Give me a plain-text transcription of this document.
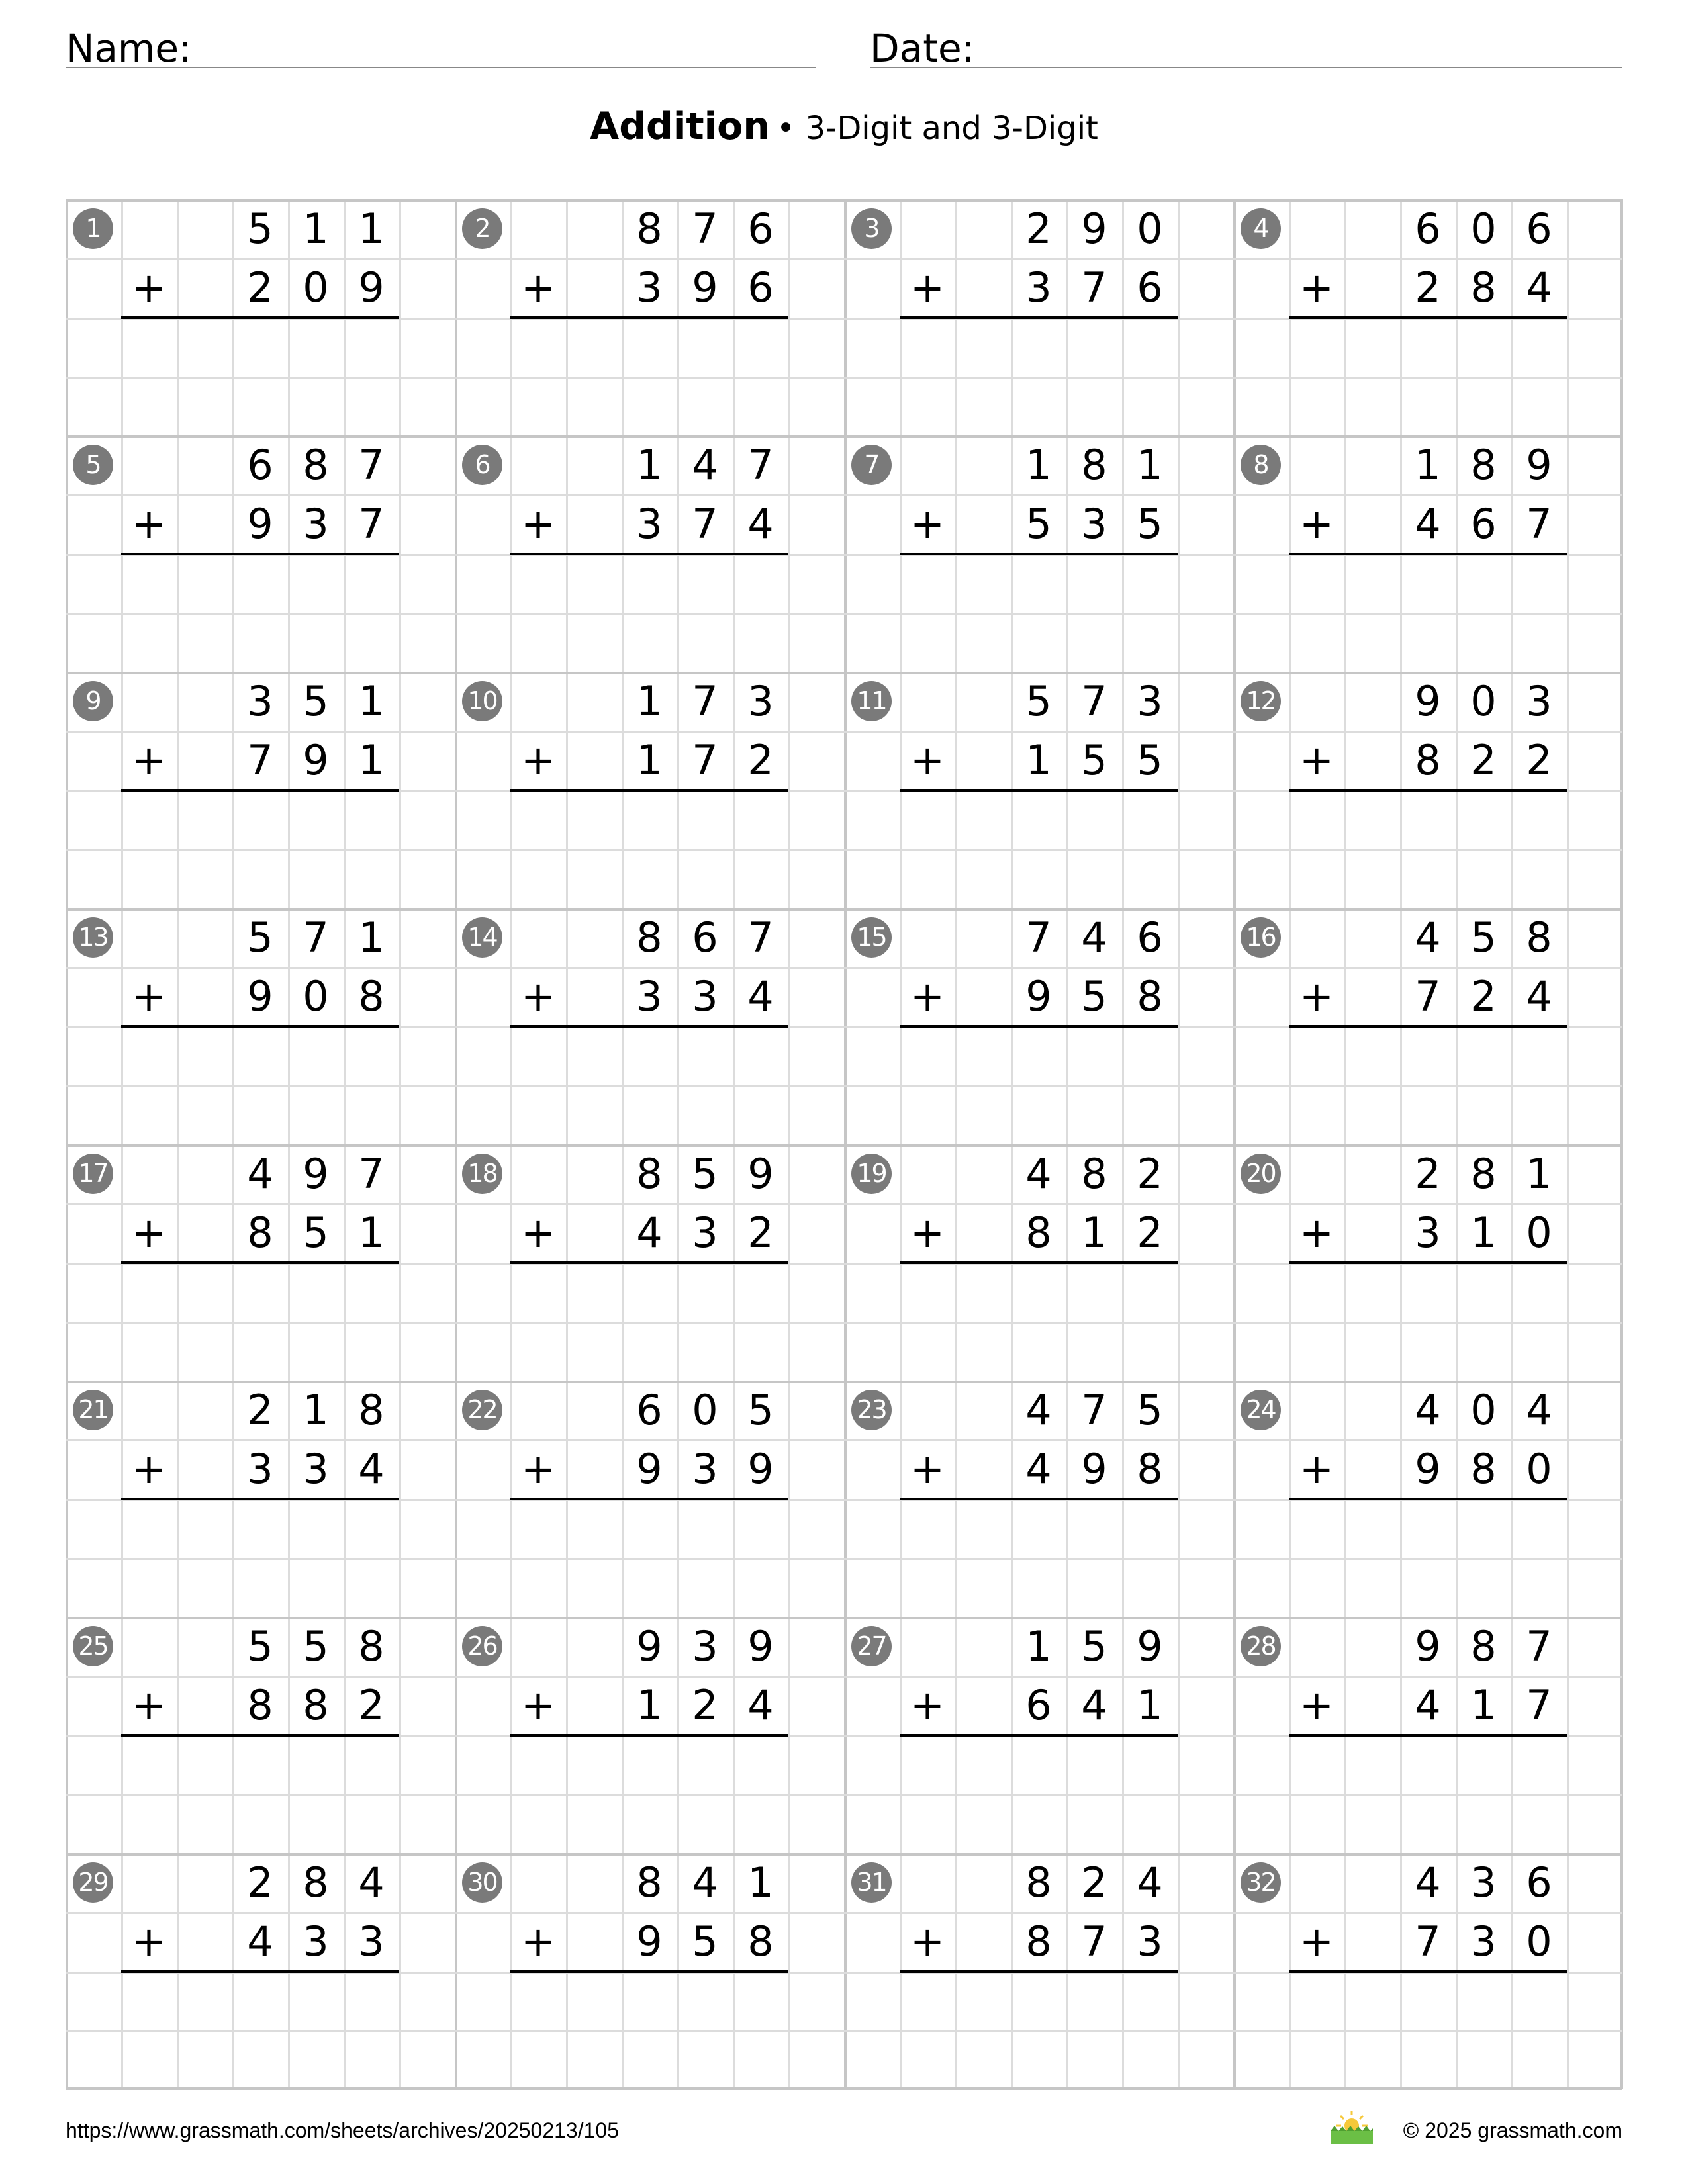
Name:	Date:
Addition • 3-Digit and 3-Digit
1	5 1 1
2 0 9
+
2	8 7 6
3 9 6
+
3	2 9 0
3 7 6
+
4	6 0 6
2 8 4
+
5	6 8 7
9 3 7
+
6	1 4 7
3 7 4
+
7	1 8 1
5 3 5
+
8	1 8 9
4 6 7
+
9	3 5 1
7 9 1
+
10	1 7 3
1 7 2
+
11	5 7 3
1 5 5
+
12	9 0 3
8 2 2
+
13	5 7 1
9 0 8
+
14	8 6 7
3 3 4
+
15	7 4 6
9 5 8
+
16	4 5 8
7 2 4
+
17	4 9 7
8 5 1
+
18	8 5 9
4 3 2
+
19	4 8 2
8 1 2
+
20	2 8 1
3 1 0
+
21	2 1 8
3 3 4
+
22	6 0 5
9 3 9
+
23	4 7 5
4 9 8
+
24	4 0 4
9 8 0
+
25	5 5 8
8 8 2
+
26	9 3 9
1 2 4
+
27	1 5 9
6 4 1
+
28	9 8 7
4 1 7
+
29	2 8 4
4 3 3
+
30	8 4 1
9 5 8
+
31	8 2 4
8 7 3
+
32	4 3 6
7 3 0
+
https://www.grassmath.com/sheets/archives/20250213/105	© 2025 grassmath.com
